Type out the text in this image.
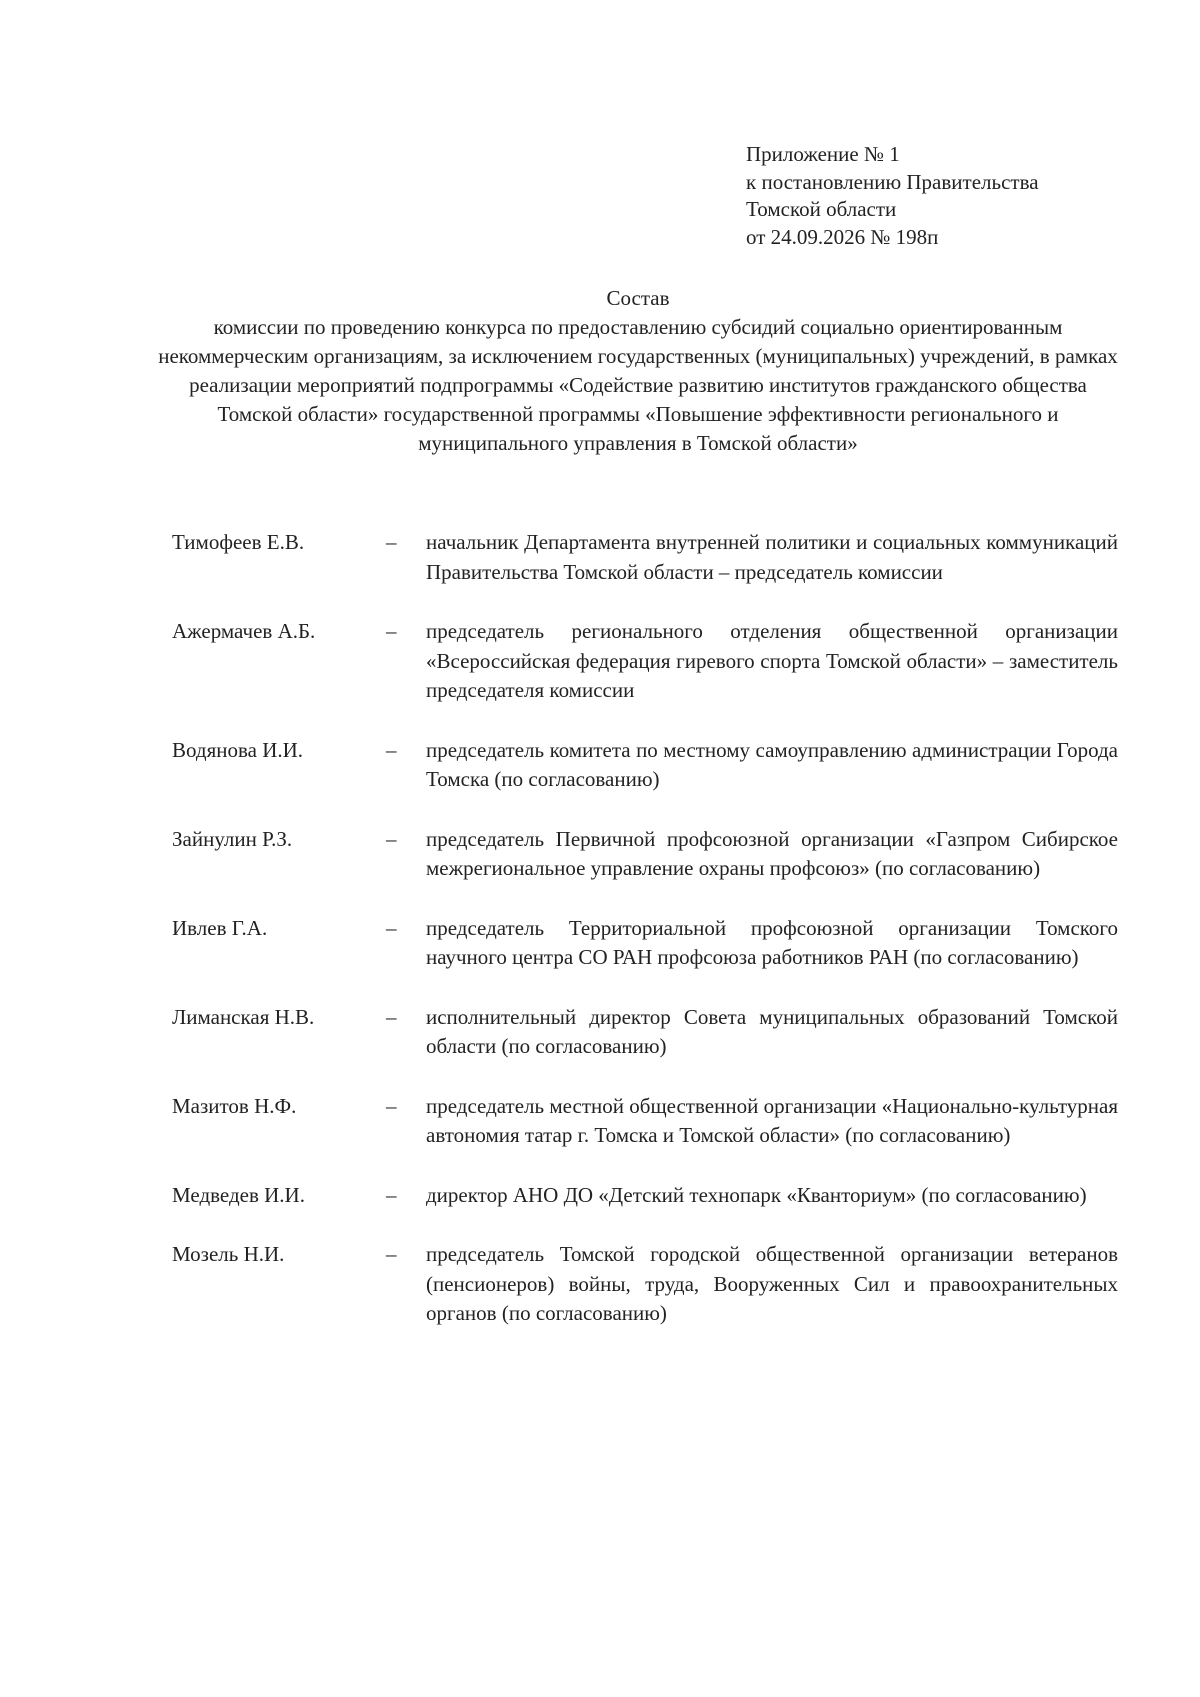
Приложение № 1
к постановлению Правительства
Томской области
от 24.09.2026 № 198п
Состав

комиссии по проведению конкурса по предоставлению субсидий социально ориентированным некоммерческим организациям, за исключением государственных (муниципальных) учреждений, в рамках реализации мероприятий подпрограммы «Содействие развитию институтов гражданского общества Томской области» государственной программы «Повышение эффективности регионального и муниципального управления в Томской области»

Тимофеев Е.В.	– начальник Департамента внутренней политики и социальных коммуникаций Правительства Томской области – председатель комиссии
Ажермачев А.Б.	– председатель регионального отделения общественной организации «Всероссийская федерация гиревого спорта Томской области» – заместитель председателя комиссии
Водянова И.И.	– председатель комитета по местному самоуправлению администрации Города Томска (по согласованию)
Зайнулин Р.З.	– председатель Первичной профсоюзной организации «Газпром Сибирское межрегиональное управление охраны профсоюз» (по согласованию)
Ивлев Г.А.	– председатель Территориальной профсоюзной организации Томского научного центра СО РАН профсоюза работников РАН (по согласованию)
Лиманская Н.В.	– исполнительный директор Совета муниципальных образований Томской области (по согласованию)
Мазитов Н.Ф.	– председатель местной общественной организации «Национально-культурная автономия татар г. Томска и Томской области» (по согласованию)
Медведев И.И.	– директор АНО ДО «Детский технопарк «Кванториум» (по согласованию)
Мозель Н.И.	– председатель Томской городской общественной организации ветеранов (пенсионеров) войны, труда, Вооруженных Сил и правоохранительных органов (по согласованию)
